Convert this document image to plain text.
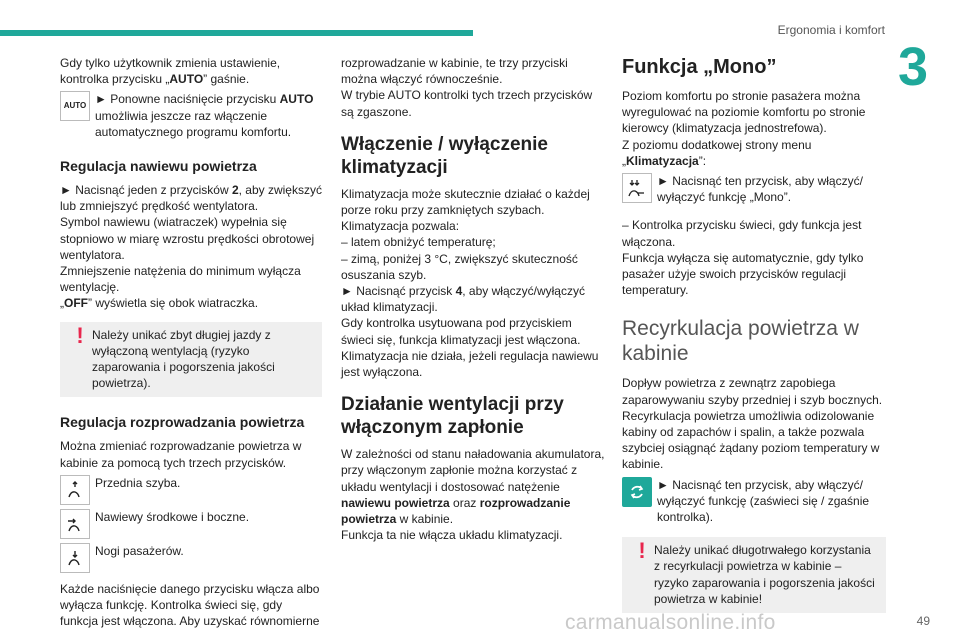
Ergonomia i komfort
3

Gdy tylko użytkownik zmienia ustawienie, kontrolka przycisku „AUTO” gaśnie.

AUTO ► Ponowne naciśnięcie przycisku AUTO umożliwia jeszcze raz włączenie automatycznego programu komfortu.

Regulacja nawiewu powietrza

► Nacisnąć jeden z przycisków 2, aby zwiększyć lub zmniejszyć prędkość wentylatora.

Symbol nawiewu (wiatraczek) wypełnia się stopniowo w miarę wzrostu prędkości obrotowej wentylatora.

Zmniejszenie natężenia do minimum wyłącza wentylację.

„OFF” wyświetla się obok wiatraczka.

! Należy unikać zbyt długiej jazdy z wyłączoną wentylacją (ryzyko zaparowania i pogorszenia jakości powietrza).
Regulacja rozprowadzania powietrza

Można zmieniać rozprowadzanie powietrza w kabinie za pomocą tych trzech przycisków.

Przednia szyba.
Nawiewy środkowe i boczne.
Nogi pasażerów.

Każde naciśnięcie danego przycisku włącza albo wyłącza funkcję. Kontrolka świeci się, gdy funkcja jest włączona. Aby uzyskać równomierne

rozprowadzanie w kabinie, te trzy przyciski można włączyć równocześnie.

W trybie AUTO kontrolki tych trzech przycisków są zgaszone.

Włączenie / wyłączenie klimatyzacji

Klimatyzacja może skutecznie działać o każdej porze roku przy zamkniętych szybach.

Klimatyzacja pozwala:

– latem obniżyć temperaturę;

– zimą, poniżej 3 °C, zwiększyć skuteczność osuszania szyb.

► Nacisnąć przycisk 4, aby włączyć/wyłączyć układ klimatyzacji.

Gdy kontrolka usytuowana pod przyciskiem świeci się, funkcja klimatyzacji jest włączona.

Klimatyzacja nie działa, jeżeli regulacja nawiewu jest wyłączona.

Działanie wentylacji przy włączonym zapłonie

W zależności od stanu naładowania akumulatora, przy włączonym zapłonie można korzystać z układu wentylacji i dostosować natężenie nawiewu powietrza oraz rozprowadzanie powietrza w kabinie.

Funkcja ta nie włącza układu klimatyzacji.

Funkcja „Mono”

Poziom komfortu po stronie pasażera można wyregulować na poziomie komfortu po stronie kierowcy (klimatyzacja jednostrefowa).

Z poziomu dodatkowej strony menu

„Klimatyzacja”:

► Nacisnąć ten przycisk, aby włączyć/ wyłączyć funkcję „Mono”.

– Kontrolka przycisku świeci, gdy funkcja jest włączona.

Funkcja wyłącza się automatycznie, gdy tylko pasażer użyje swoich przycisków regulacji temperatury.

Recyrkulacja powietrza w kabinie

Dopływ powietrza z zewnątrz zapobiega zaparowywaniu szyby przedniej i szyb bocznych. Recyrkulacja powietrza umożliwia odizolowanie kabiny od zapachów i spalin, a także pozwala szybciej osiągnąć żądany poziom temperatury w kabinie.

► Nacisnąć ten przycisk, aby włączyć/ wyłączyć funkcję (zaświeci się / zgaśnie kontrolka).

! Należy unikać długotrwałego korzystania z recyrkulacji powietrza w kabinie – ryzyko zaparowania i pogorszenia jakości powietrza w kabinie!
carmanualsonline.info	49
